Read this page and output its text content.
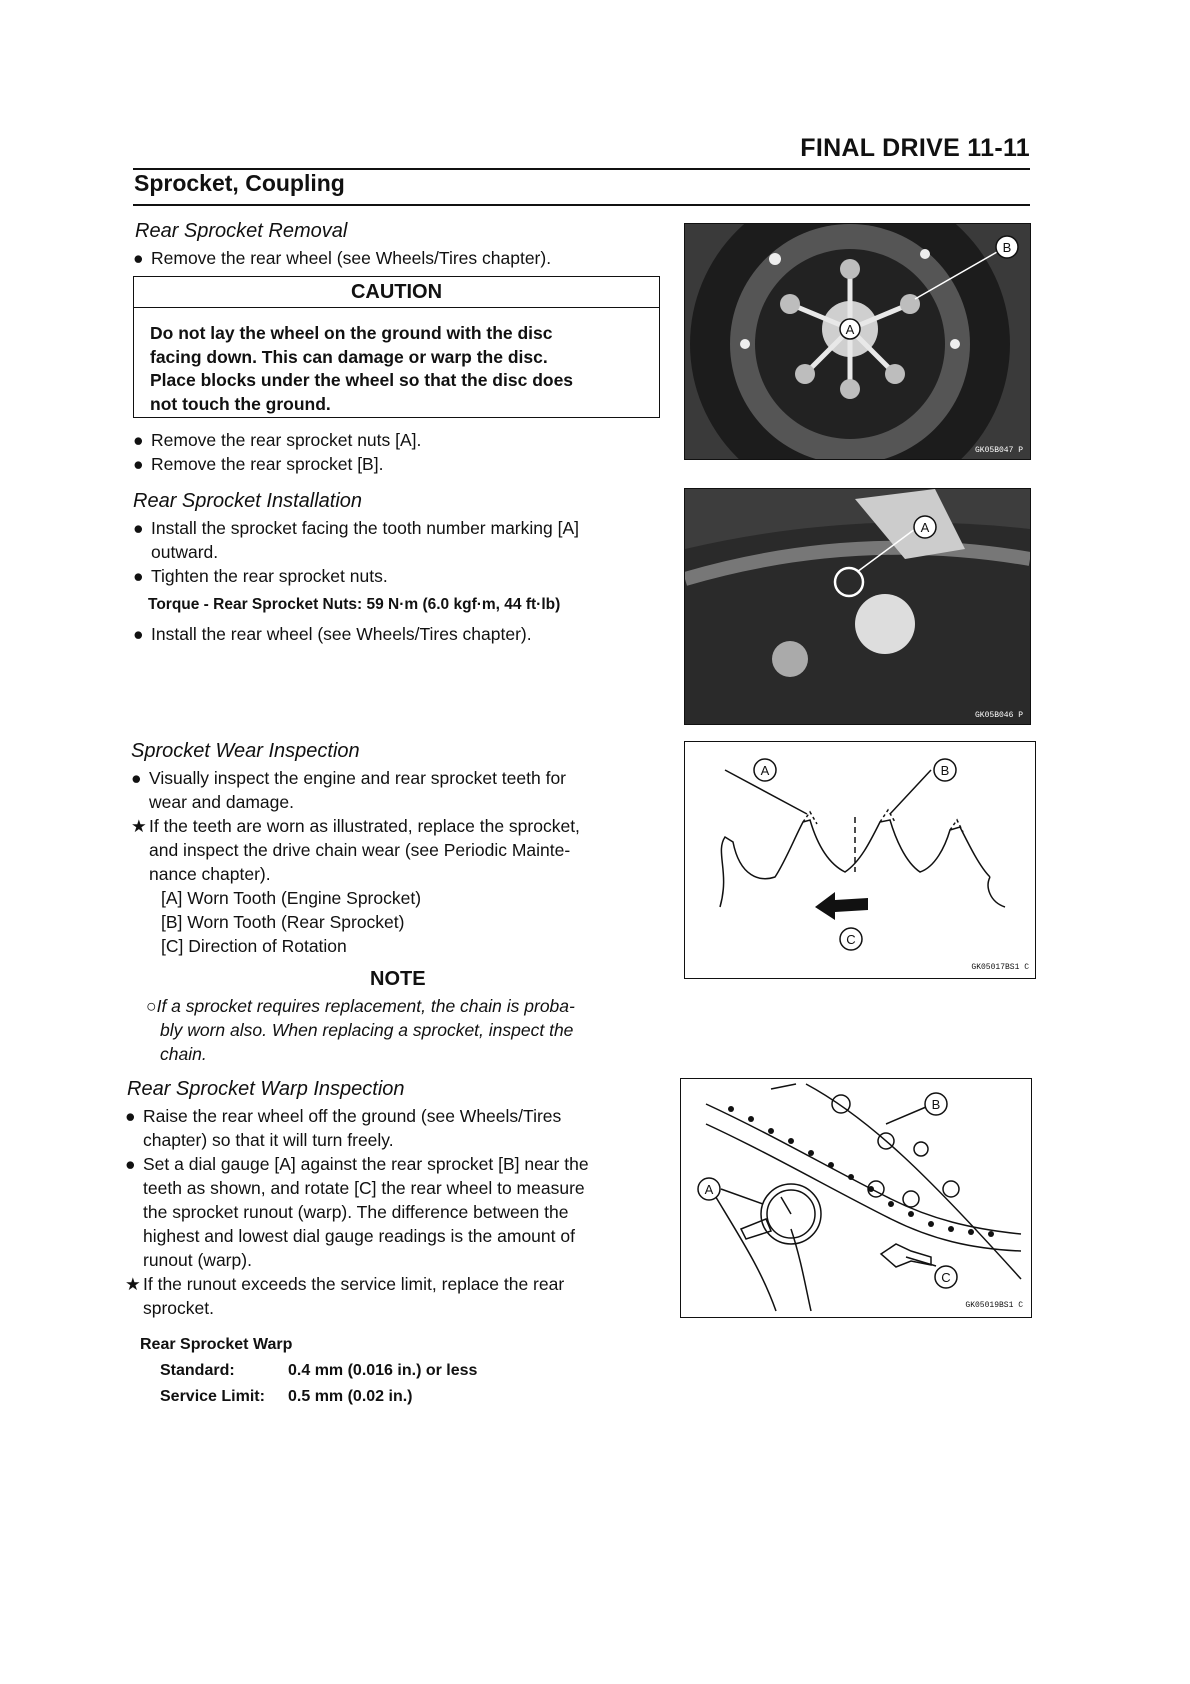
FINAL DRIVE 11-11
Sprocket, Coupling
Rear Sprocket Removal
● Remove the rear wheel (see Wheels/Tires chapter).
CAUTION
Do not lay the wheel on the ground with the disc
facing down. This can damage or warp the disc.
Place blocks under the wheel so that the disc does
not touch the ground.
● Remove the rear sprocket nuts [A].
● Remove the rear sprocket [B].
Rear Sprocket Installation
● Install the sprocket facing the tooth number marking [A]
outward.
● Tighten the rear sprocket nuts.
Torque - Rear Sprocket Nuts: 59 N·m (6.0 kgf·m, 44 ft·lb)
● Install the rear wheel (see Wheels/Tires chapter).
Sprocket Wear Inspection
● Visually inspect the engine and rear sprocket teeth for
wear and damage.
★ If the teeth are worn as illustrated, replace the sprocket,
and inspect the drive chain wear (see Periodic Mainte-
nance chapter).
[A] Worn Tooth (Engine Sprocket)
[B] Worn Tooth (Rear Sprocket)
[C] Direction of Rotation
NOTE
○If a sprocket requires replacement, the chain is proba-
bly worn also. When replacing a sprocket, inspect the
chain.
Rear Sprocket Warp Inspection
● Raise the rear wheel off the ground (see Wheels/Tires
chapter) so that it will turn freely.
● Set a dial gauge [A] against the rear sprocket [B] near the
teeth as shown, and rotate [C] the rear wheel to measure
the sprocket runout (warp). The difference between the
highest and lowest dial gauge readings is the amount of
runout (warp).
★ If the runout exceeds the service limit, replace the rear
sprocket.
Rear Sprocket Warp
Standard:	0.4 mm (0.016 in.) or less
Service Limit: 0.5 mm (0.02 in.)
A
B
GK05B047 P
A
GK05B046 P
A	B
C
GK05017BS1 C
A
B
C
GK05019BS1 C
